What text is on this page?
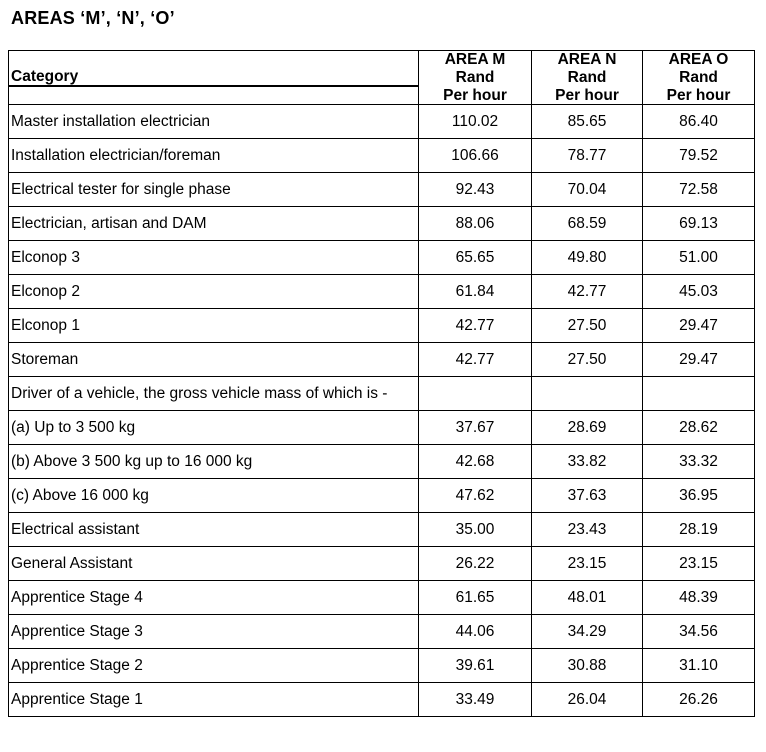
AREAS ‘M’, ‘N’, ‘O’
	AREA M	AREA N	AREA O
Category	Rand	Rand	Rand
	Per hour	Per hour	Per hour
Master installation electrician	110.02	85.65	86.40
Installation electrician/foreman	106.66	78.77	79.52
Electrical tester for single phase	92.43	70.04	72.58
Electrician, artisan and DAM	88.06	68.59	69.13
Elconop 3	65.65	49.80	51.00
Elconop 2	61.84	42.77	45.03
Elconop 1	42.77	27.50	29.47
Storeman	42.77	27.50	29.47
Driver of a vehicle, the gross vehicle mass of which is -			
(a) Up to 3 500 kg	37.67	28.69	28.62
(b) Above 3 500 kg up to 16 000 kg	42.68	33.82	33.32
(c) Above 16 000 kg	47.62	37.63	36.95
Electrical assistant	35.00	23.43	28.19
General Assistant	26.22	23.15	23.15
Apprentice Stage 4	61.65	48.01	48.39
Apprentice Stage 3	44.06	34.29	34.56
Apprentice Stage 2	39.61	30.88	31.10
Apprentice Stage 1	33.49	26.04	26.26
